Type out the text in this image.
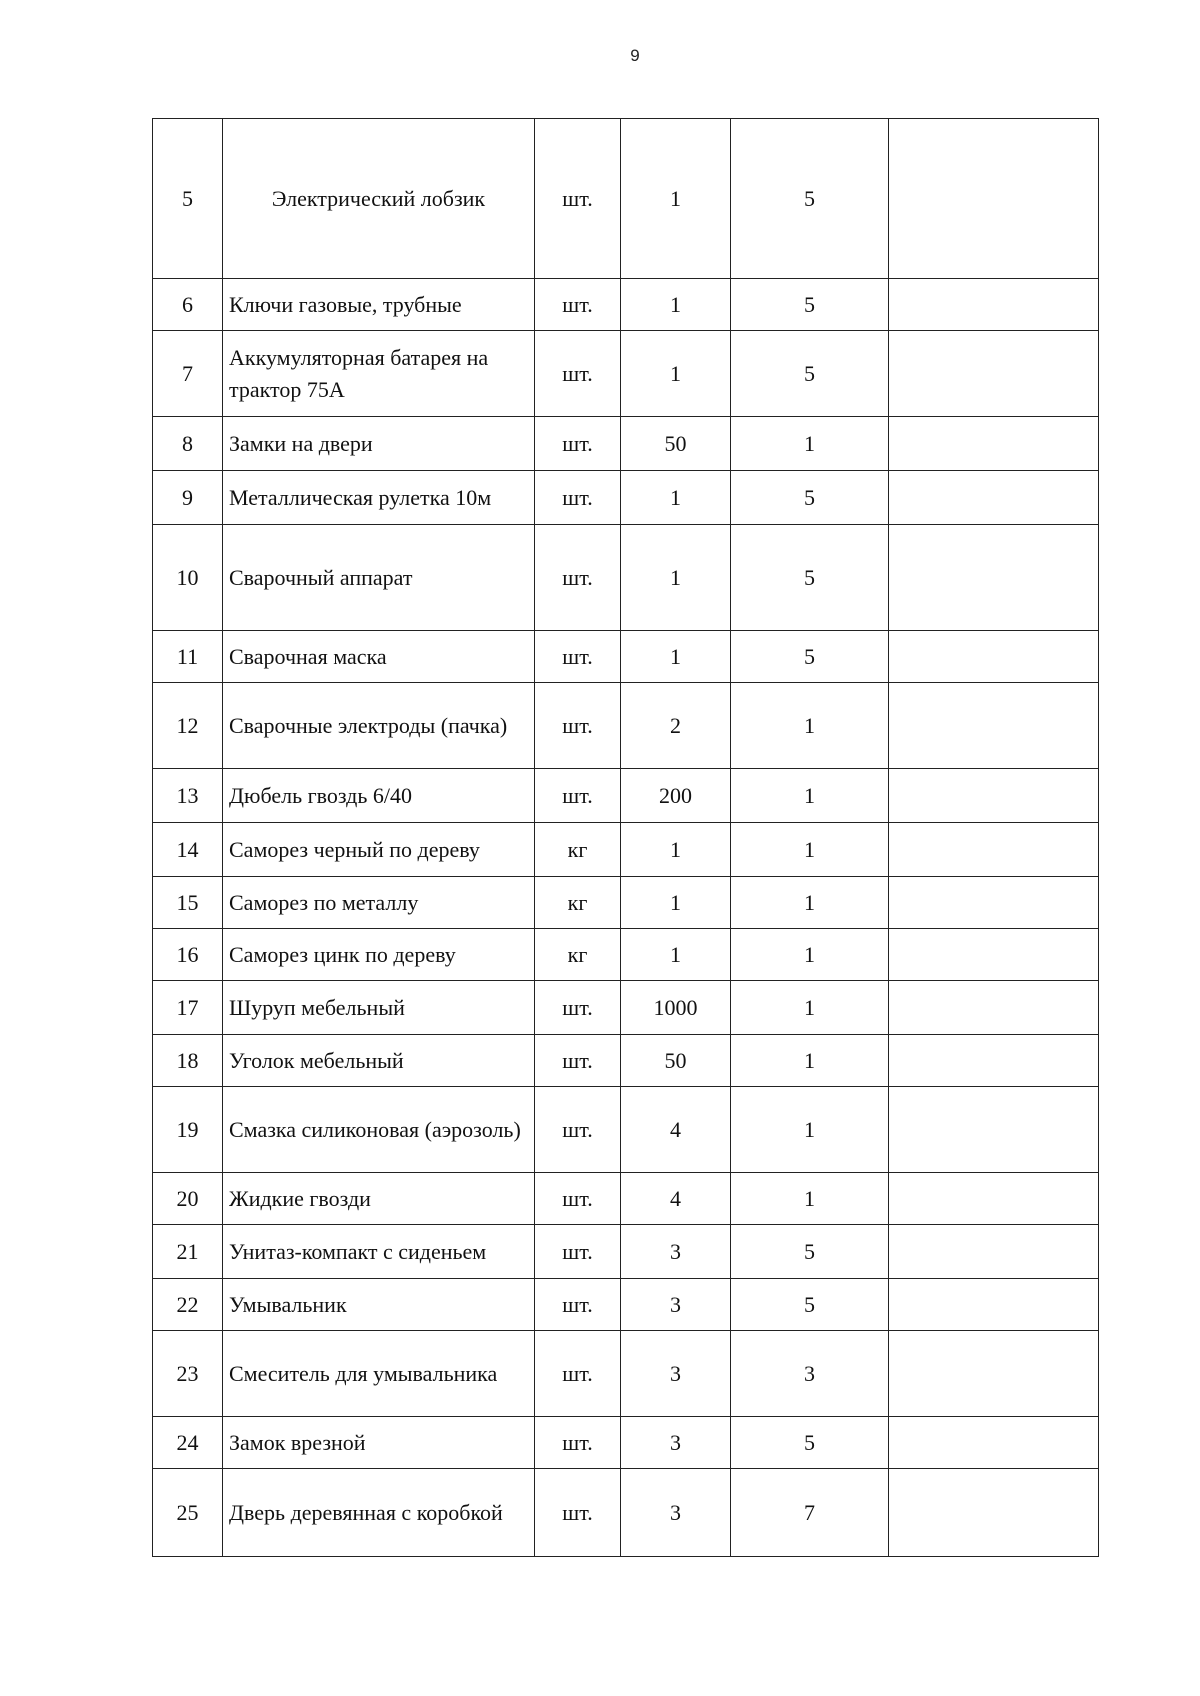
9
5	Электрический лобзик	шт.	1	5	
6	Ключи газовые, трубные	шт.	1	5	
7	Аккумуляторная батарея на трактор 75А	шт.	1	5	
8	Замки на двери	шт.	50	1	
9	Металлическая рулетка 10м	шт.	1	5	
10	Сварочный аппарат	шт.	1	5	
11	Сварочная маска	шт.	1	5	
12	Сварочные электроды (пачка)	шт.	2	1	
13	Дюбель гвоздь 6/40	шт.	200	1	
14	Саморез черный по дереву	кг	1	1	
15	Саморез по металлу	кг	1	1	
16	Саморез цинк по дереву	кг	1	1	
17	Шуруп мебельный	шт.	1000	1	
18	Уголок мебельный	шт.	50	1	
19	Смазка силиконовая (аэрозоль)	шт.	4	1	
20	Жидкие гвозди	шт.	4	1	
21	Унитаз-компакт с сиденьем	шт.	3	5	
22	Умывальник	шт.	3	5	
23	Смеситель для умывальника	шт.	3	3	
24	Замок врезной	шт.	3	5	
25	Дверь деревянная с коробкой	шт.	3	7	
